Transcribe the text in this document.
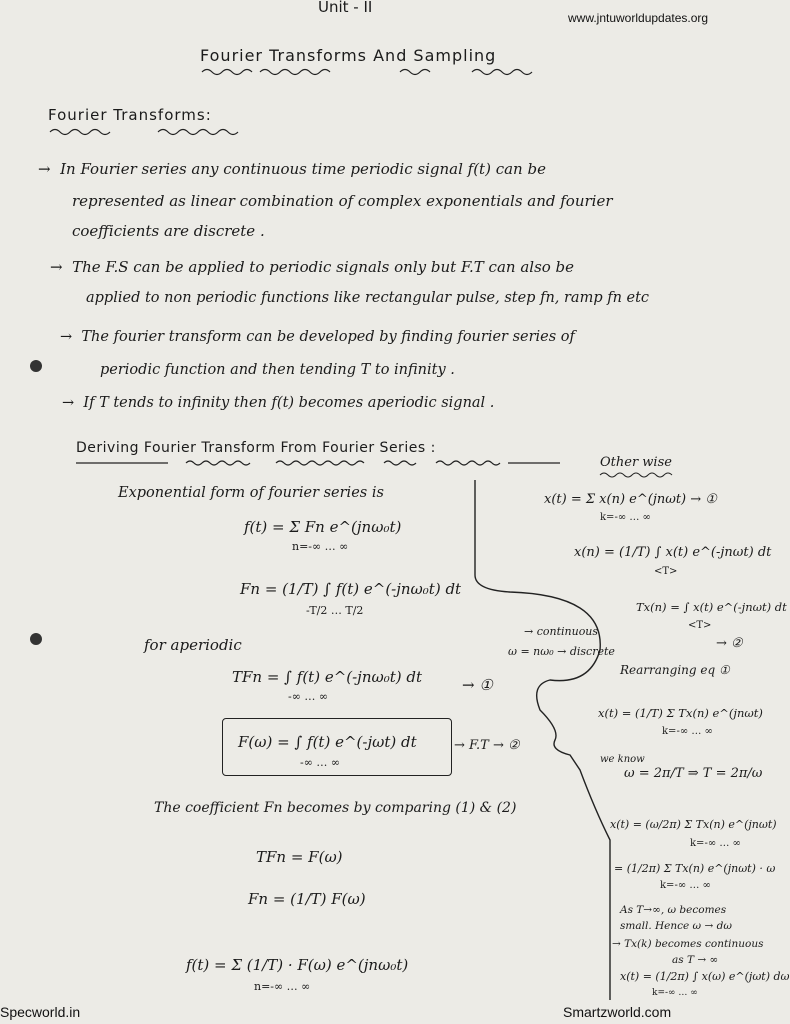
www.jntuworldupdates.org
Specworld.in	Smartzworld.com
Unit - II
Fourier Transforms And Sampling
Fourier Transforms:
→  In Fourier series any continuous time periodic signal f(t) can be
represented as linear combination of complex exponentials and fourier
coefficients are discrete .
→  The F.S can be applied to periodic signals only but F.T can also be
applied to non periodic functions like rectangular pulse, step fn, ramp fn etc
→  The fourier transform can be developed by finding fourier series of
periodic function and then tending T to infinity .
→  If T tends to infinity then f(t) becomes aperiodic signal .
Deriving Fourier Transform From Fourier Series :
Exponential form of fourier series is
f(t) = Σ Fn e^(jnω₀t)
n=-∞ … ∞
Fn = (1/T) ∫ f(t) e^(-jnω₀t) dt
-T/2 … T/2
for aperiodic
TFn = ∫ f(t) e^(-jnω₀t) dt
-∞ … ∞
→ ①
F(ω) = ∫ f(t) e^(-jωt) dt
-∞ … ∞
→ F.T → ②
The coefficient Fn becomes by comparing (1) & (2)
TFn = F(ω)
Fn = (1/T) F(ω)
f(t) = Σ (1/T) · F(ω) e^(jnω₀t)
n=-∞ … ∞
Other wise
x(t) = Σ x(n) e^(jnωt) → ①
k=-∞ … ∞
x(n) = (1/T) ∫ x(t) e^(-jnωt) dt
<T>
Tx(n) = ∫ x(t) e^(-jnωt) dt
<T>
→ ②
→ continuous
ω = nω₀ → discrete
Rearranging eq ①
x(t) = (1/T) Σ Tx(n) e^(jnωt)
k=-∞ … ∞
we know
ω = 2π/T ⇒ T = 2π/ω
x(t) = (ω/2π) Σ Tx(n) e^(jnωt)
k=-∞ … ∞
= (1/2π) Σ Tx(n) e^(jnωt) · ω
k=-∞ … ∞
As T→∞, ω becomes
small. Hence ω → dω
→ Tx(k) becomes continuous
as T → ∞
x(t) = (1/2π) ∫ x(ω) e^(jωt) dω
k=-∞ … ∞
